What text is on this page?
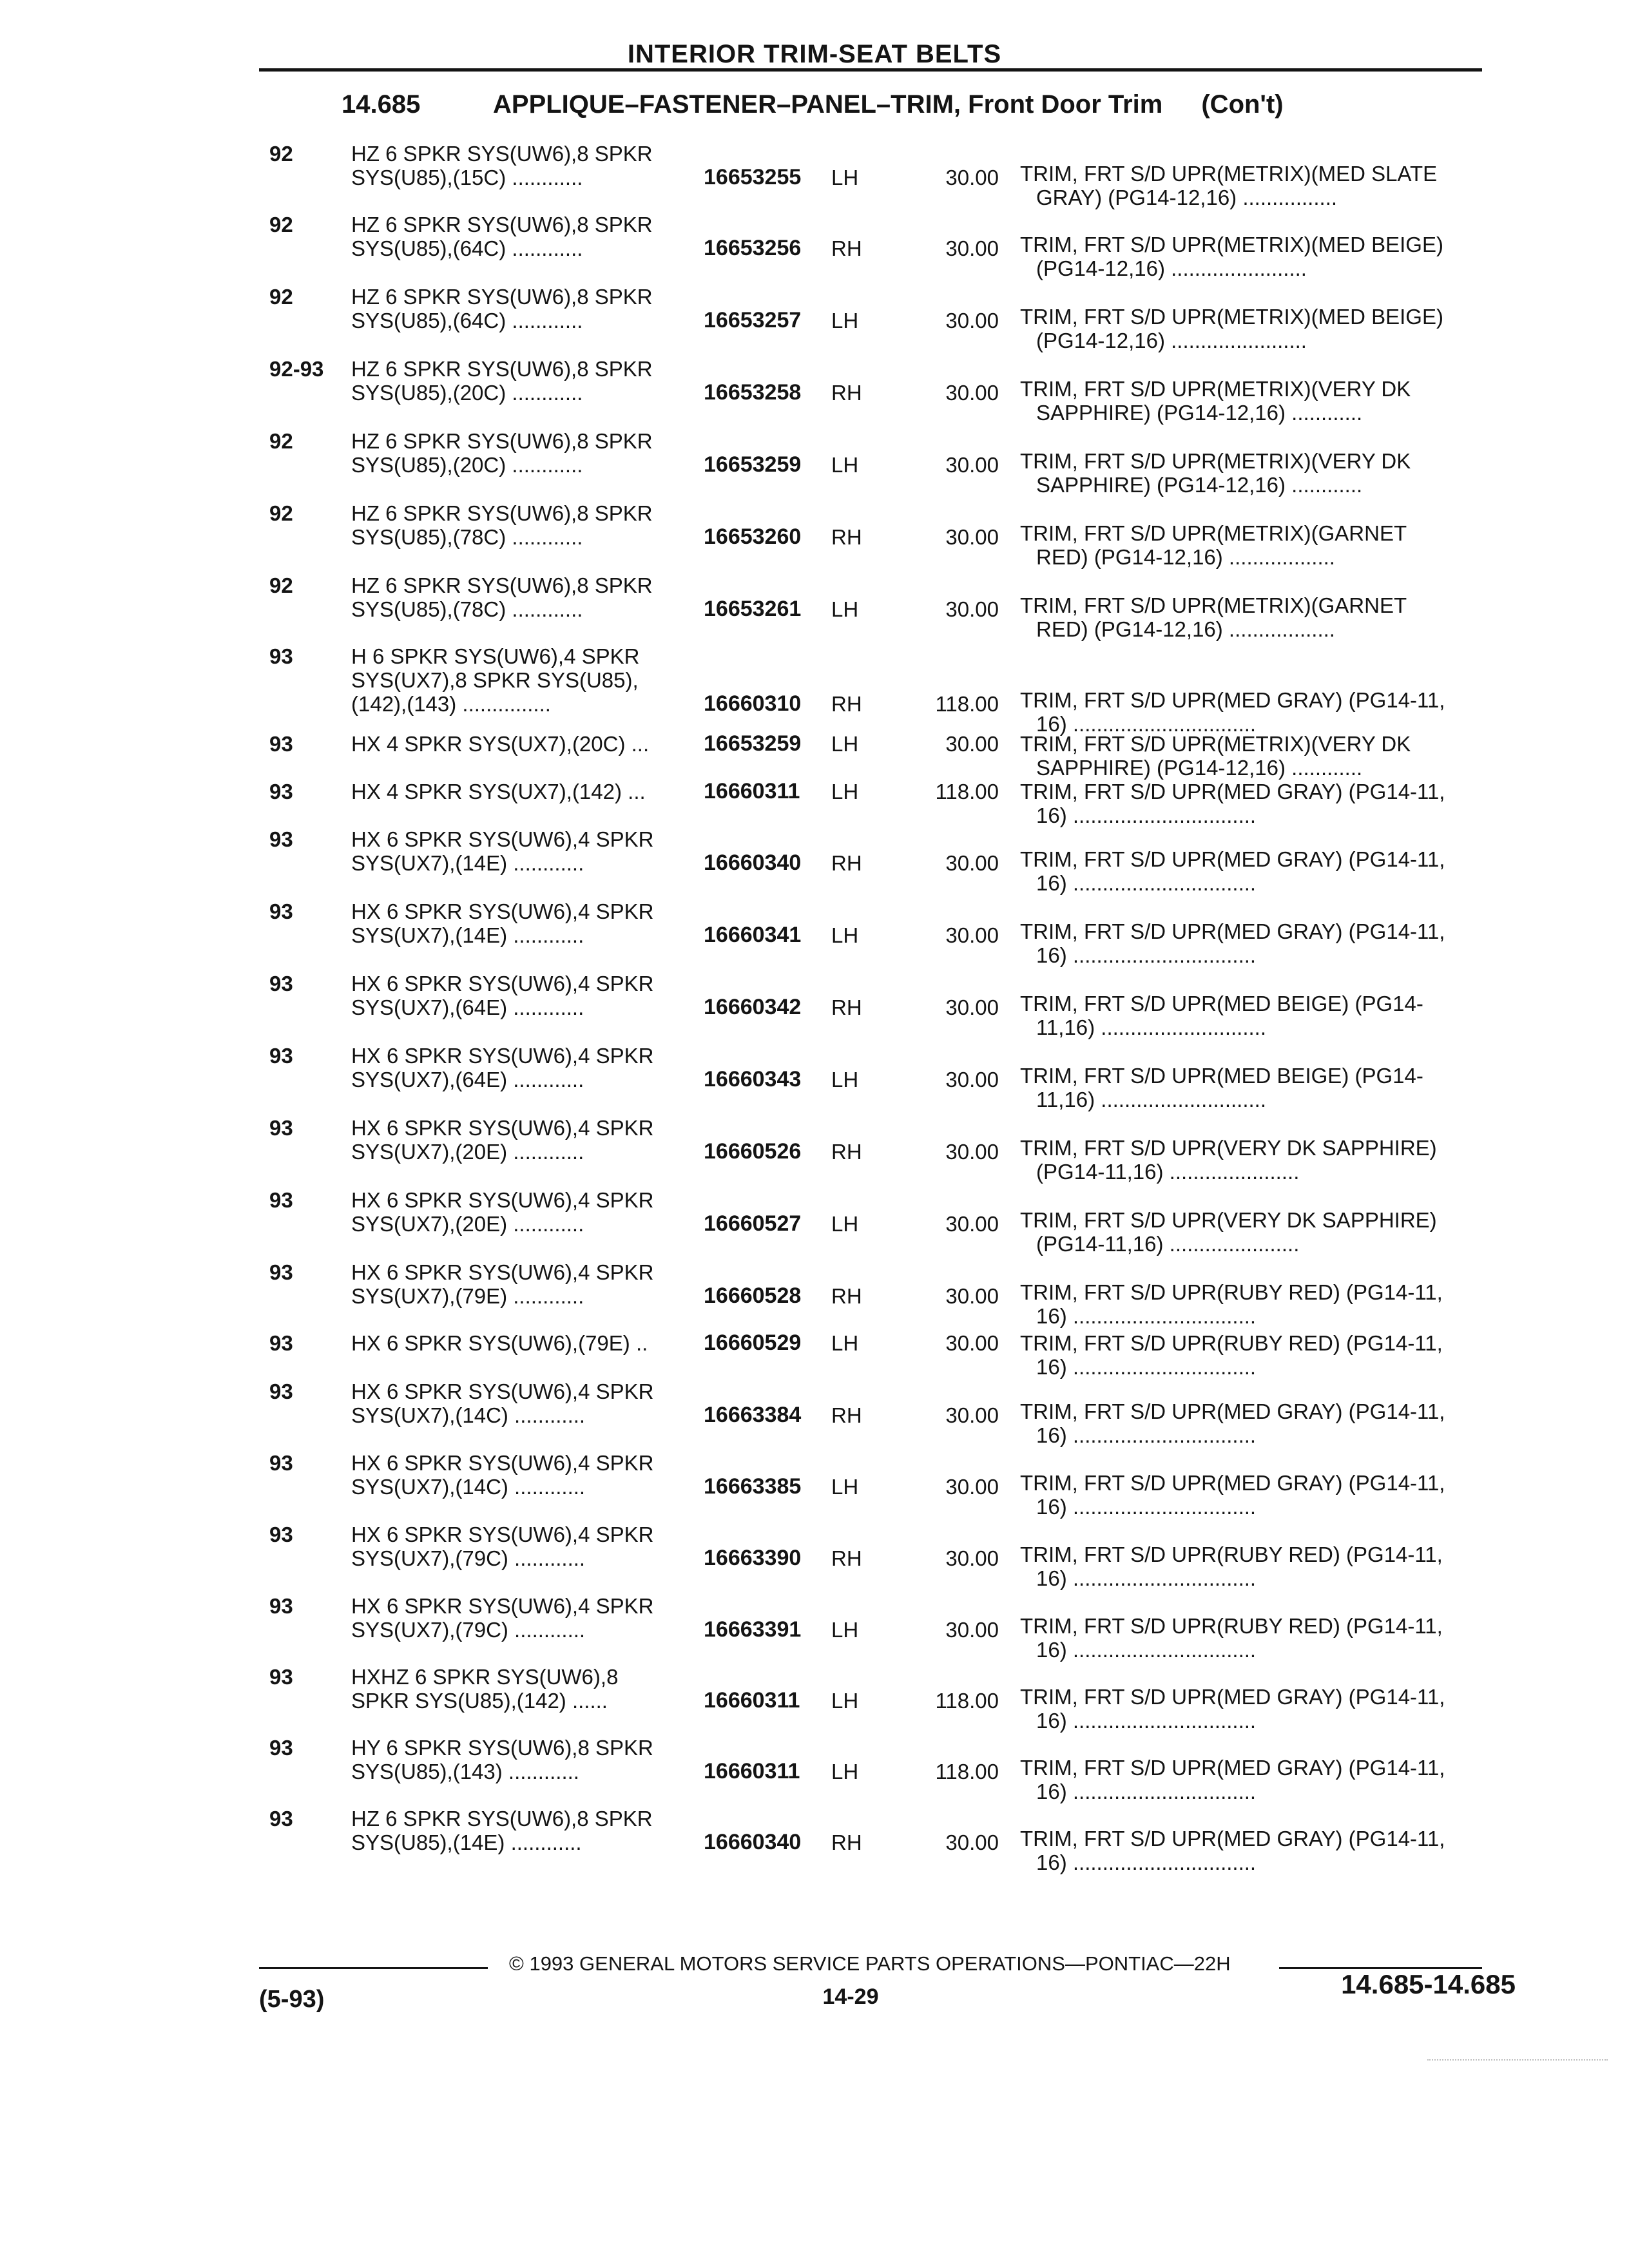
INTERIOR TRIM-SEAT BELTS
14.685	APPLIQUE–FASTENER–PANEL–TRIM, Front Door Trim (Con't)
92	HZ 6 SPKR SYS(UW6),8 SPKR
SYS(U85),(15C) ............	16653255	LH	30.00 TRIM, FRT S/D UPR(METRIX)(MED SLATE
GRAY) (PG14-12,16) ................
92	HZ 6 SPKR SYS(UW6),8 SPKR
SYS(U85),(64C) ............	16653256	RH	30.00 TRIM, FRT S/D UPR(METRIX)(MED BEIGE)
(PG14-12,16) .......................
92	HZ 6 SPKR SYS(UW6),8 SPKR
SYS(U85),(64C) ............	16653257	LH	30.00 TRIM, FRT S/D UPR(METRIX)(MED BEIGE)
(PG14-12,16) .......................
92-93	HZ 6 SPKR SYS(UW6),8 SPKR
SYS(U85),(20C) ............	16653258	RH	30.00 TRIM, FRT S/D UPR(METRIX)(VERY DK
SAPPHIRE) (PG14-12,16) ............
92	HZ 6 SPKR SYS(UW6),8 SPKR
SYS(U85),(20C) ............	16653259	LH	30.00 TRIM, FRT S/D UPR(METRIX)(VERY DK
SAPPHIRE) (PG14-12,16) ............
92	HZ 6 SPKR SYS(UW6),8 SPKR
SYS(U85),(78C) ............	16653260	RH	30.00 TRIM, FRT S/D UPR(METRIX)(GARNET
RED) (PG14-12,16) ..................
92	HZ 6 SPKR SYS(UW6),8 SPKR
SYS(U85),(78C) ............	16653261	LH	30.00 TRIM, FRT S/D UPR(METRIX)(GARNET
RED) (PG14-12,16) ..................
93	H 6 SPKR SYS(UW6),4 SPKR
SYS(UX7),8 SPKR SYS(U85),
(142),(143) ...............	16660310	RH	118.00 TRIM, FRT S/D UPR(MED GRAY) (PG14-11,
16) ...............................
93	HX 4 SPKR SYS(UX7),(20C) ...	16653259	LH	30.00 TRIM, FRT S/D UPR(METRIX)(VERY DK
SAPPHIRE) (PG14-12,16) ............
93	HX 4 SPKR SYS(UX7),(142) ...	16660311	LH	118.00 TRIM, FRT S/D UPR(MED GRAY) (PG14-11,
16) ...............................
93	HX 6 SPKR SYS(UW6),4 SPKR
SYS(UX7),(14E) ............	16660340	RH	30.00 TRIM, FRT S/D UPR(MED GRAY) (PG14-11,
16) ...............................
93	HX 6 SPKR SYS(UW6),4 SPKR
SYS(UX7),(14E) ............	16660341	LH	30.00 TRIM, FRT S/D UPR(MED GRAY) (PG14-11,
16) ...............................
93	HX 6 SPKR SYS(UW6),4 SPKR
SYS(UX7),(64E) ............	16660342	RH	30.00 TRIM, FRT S/D UPR(MED BEIGE) (PG14-
11,16) ............................
93	HX 6 SPKR SYS(UW6),4 SPKR
SYS(UX7),(64E) ............	16660343	LH	30.00 TRIM, FRT S/D UPR(MED BEIGE) (PG14-
11,16) ............................
93	HX 6 SPKR SYS(UW6),4 SPKR
SYS(UX7),(20E) ............	16660526	RH	30.00 TRIM, FRT S/D UPR(VERY DK SAPPHIRE)
(PG14-11,16) ......................
93	HX 6 SPKR SYS(UW6),4 SPKR
SYS(UX7),(20E) ............	16660527	LH	30.00 TRIM, FRT S/D UPR(VERY DK SAPPHIRE)
(PG14-11,16) ......................
93	HX 6 SPKR SYS(UW6),4 SPKR
SYS(UX7),(79E) ............	16660528	RH	30.00 TRIM, FRT S/D UPR(RUBY RED) (PG14-11,
16) ...............................
93	HX 6 SPKR SYS(UW6),(79E) ..	16660529	LH	30.00 TRIM, FRT S/D UPR(RUBY RED) (PG14-11,
16) ...............................
93	HX 6 SPKR SYS(UW6),4 SPKR
SYS(UX7),(14C) ............	16663384	RH	30.00 TRIM, FRT S/D UPR(MED GRAY) (PG14-11,
16) ...............................
93	HX 6 SPKR SYS(UW6),4 SPKR
SYS(UX7),(14C) ............	16663385	LH	30.00 TRIM, FRT S/D UPR(MED GRAY) (PG14-11,
16) ...............................
93	HX 6 SPKR SYS(UW6),4 SPKR
SYS(UX7),(79C) ............	16663390	RH	30.00 TRIM, FRT S/D UPR(RUBY RED) (PG14-11,
16) ...............................
93	HX 6 SPKR SYS(UW6),4 SPKR
SYS(UX7),(79C) ............	16663391	LH	30.00 TRIM, FRT S/D UPR(RUBY RED) (PG14-11,
16) ...............................
93	HXHZ 6 SPKR SYS(UW6),8
SPKR SYS(U85),(142) ......	16660311	LH	118.00 TRIM, FRT S/D UPR(MED GRAY) (PG14-11,
16) ...............................
93	HY 6 SPKR SYS(UW6),8 SPKR
SYS(U85),(143) ............	16660311	LH	118.00 TRIM, FRT S/D UPR(MED GRAY) (PG14-11,
16) ...............................
93	HZ 6 SPKR SYS(UW6),8 SPKR
SYS(U85),(14E) ............	16660340	RH	30.00 TRIM, FRT S/D UPR(MED GRAY) (PG14-11,
16) ...............................
© 1993 GENERAL MOTORS SERVICE PARTS OPERATIONS—PONTIAC—22H
(5-93)	14-29	14.685-14.685
